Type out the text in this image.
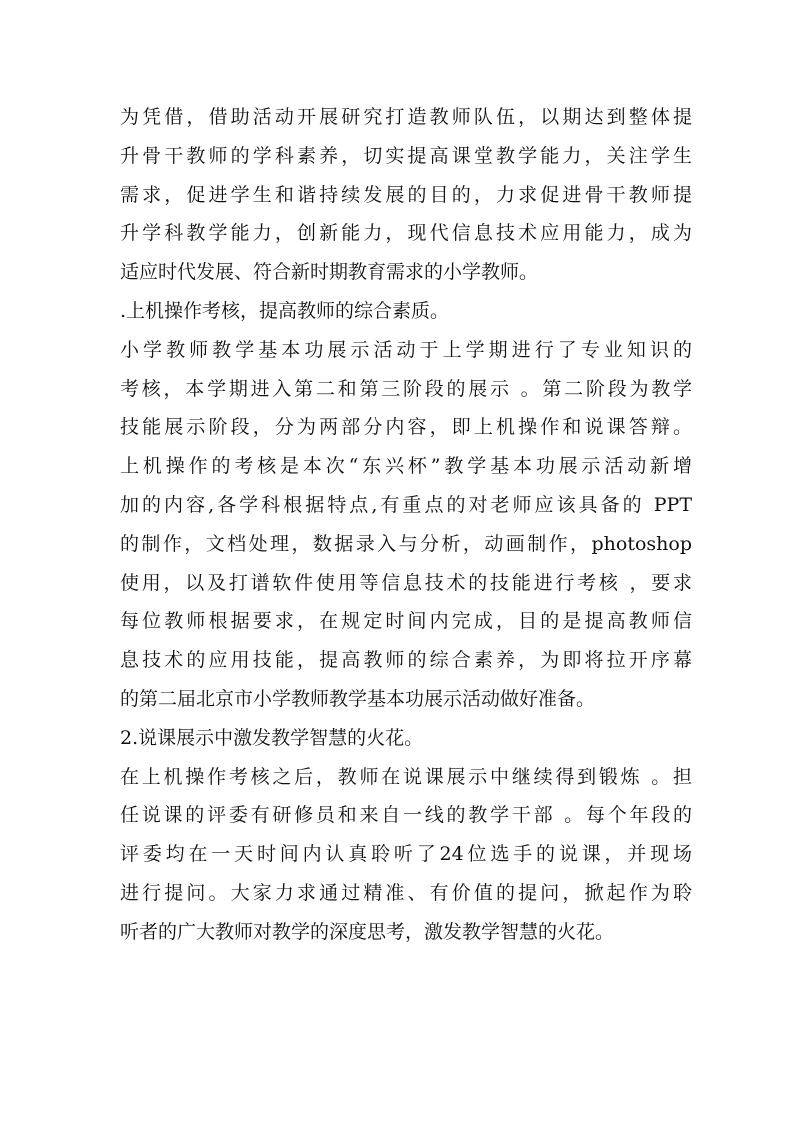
为凭借，借助活动开展研究打造教师队伍，以期达到整体提
升骨干教师的学科素养，切实提高课堂教学能力，关注学生
需求，促进学生和谐持续发展的目的，力求促进骨干教师提
升学科教学能力，创新能力，现代信息技术应用能力，成为
适应时代发展、符合新时期教育需求的小学教师。
.上机操作考核，提高教师的综合素质。
小学教师教学基本功展示活动于上学期进行了专业知识的
考核，本学期进入第二和第三阶段的展示 。第二阶段为教学
技能展示阶段，分为两部分内容，即上机操作和说课答辩。
上机操作的考核是本次“东兴杯”教学基本功展示活动新增
加的内容,各学科根据特点,有重点的对老师应该具备的 PPT
的制作，文档处理，数据录入与分析，动画制作，photoshop
使用，以及打谱软件使用等信息技术的技能进行考核 ，要求
每位教师根据要求，在规定时间内完成，目的是提高教师信
息技术的应用技能，提高教师的综合素养，为即将拉开序幕
的第二届北京市小学教师教学基本功展示活动做好准备。
2.说课展示中激发教学智慧的火花。
在上机操作考核之后，教师在说课展示中继续得到锻炼 。担
任说课的评委有研修员和来自一线的教学干部 。每个年段的
评委均在一天时间内认真聆听了24位选手的说课，并现场
进行提问。大家力求通过精准、有价值的提问，掀起作为聆
听者的广大教师对教学的深度思考，激发教学智慧的火花。
